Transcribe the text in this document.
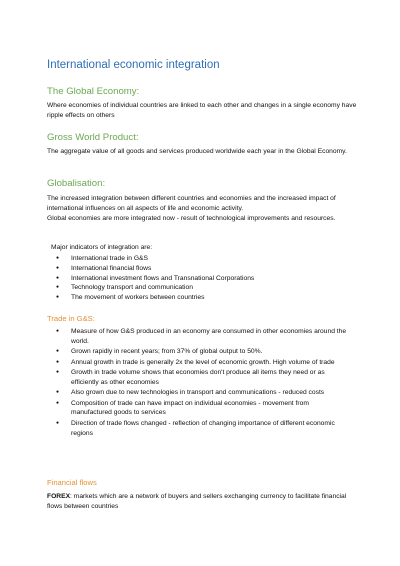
International economic integration
The Global Economy:
Where economies of individual countries are linked to each other and changes in a single economy have ripple effects on others
Gross World Product:
The aggregate value of all goods and services produced worldwide each year in the Global Economy.
Globalisation:
The increased integration between different countries and economies and the increased impact of international influences on all aspects of life and economic activity.
Global economies are more integrated now - result of technological improvements and resources.
Major indicators of integration are:
● International trade in G&S
● International financial flows
● International investment flows and Transnational Corporations
● Technology transport and communication
● The movement of workers between countries
Trade in G&S:
● Measure of how G&S produced in an economy are consumed in other economies around the world.
● Grown rapidly in recent years; from 37% of global output to 50%.
● Annual growth in trade is generally 2x the level of economic growth. High volume of trade
● Growth in trade volume shows that economies don't produce all items they need or as efficiently as other economies
● Also grown due to new technologies in transport and communications - reduced costs
● Composition of trade can have impact on individual economies - movement from manufactured goods to services
● Direction of trade flows changed - reflection of changing importance of different economic regions
Financial flows
FOREX: markets which are a network of buyers and sellers exchanging currency to facilitate financial flows between countries
